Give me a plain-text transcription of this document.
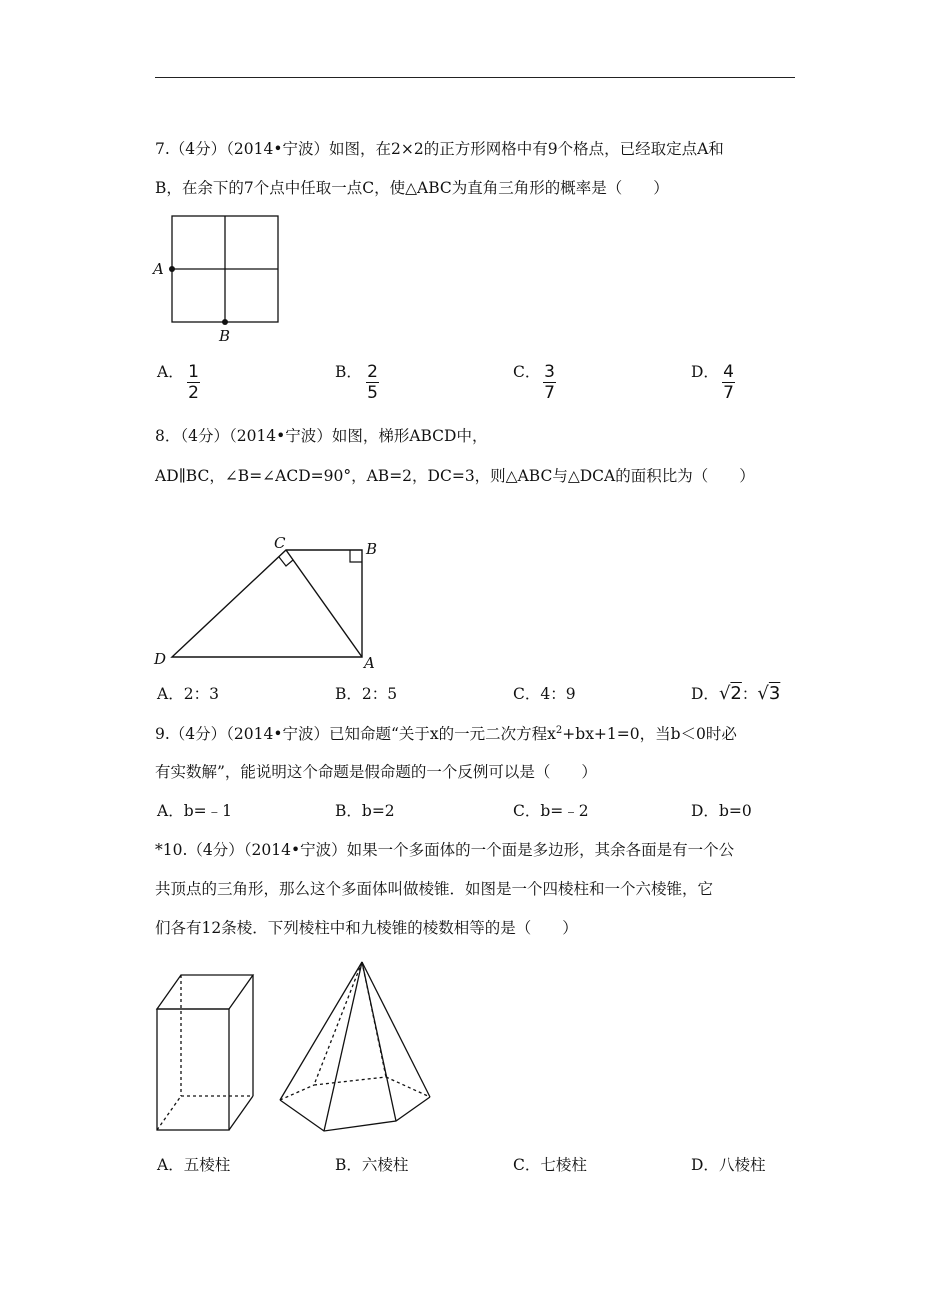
7.（4分）（2014•宁波）如图，在2×2的正方形网格中有9个格点，已经取定点A和
B，在余下的7个点中任取一点C，使△ABC为直角三角形的概率是（　　）
A
B
A． 1
2
B． 2
5
C． 3
7
D． 4
7
8．（4分）（2014•宁波）如图，梯形ABCD中，
AD∥BC，∠B=∠ACD=90°，AB=2，DC=3，则△ABC与△DCA的面积比为（　　）
C	B
D	A
A．2：3	B．2：5	C．4：9	D．√2：√3
9.（4分）（2014•宁波）已知命题“关于x的一元二次方程$x^2+bx+1=0$，当b＜0时必
有实数解”，能说明这个命题是假命题的一个反例可以是（　　）
A．b=﹣1	B．b=2	C．b=﹣2	D．b=0
*10.（4分）（2014•宁波）如果一个多面体的一个面是多边形，其余各面是有一个公
共顶点的三角形，那么这个多面体叫做棱锥．如图是一个四棱柱和一个六棱锥，它
们各有12条棱．下列棱柱中和九棱锥的棱数相等的是（　　）
A．五棱柱	B．六棱柱	C．七棱柱	D．八棱柱
